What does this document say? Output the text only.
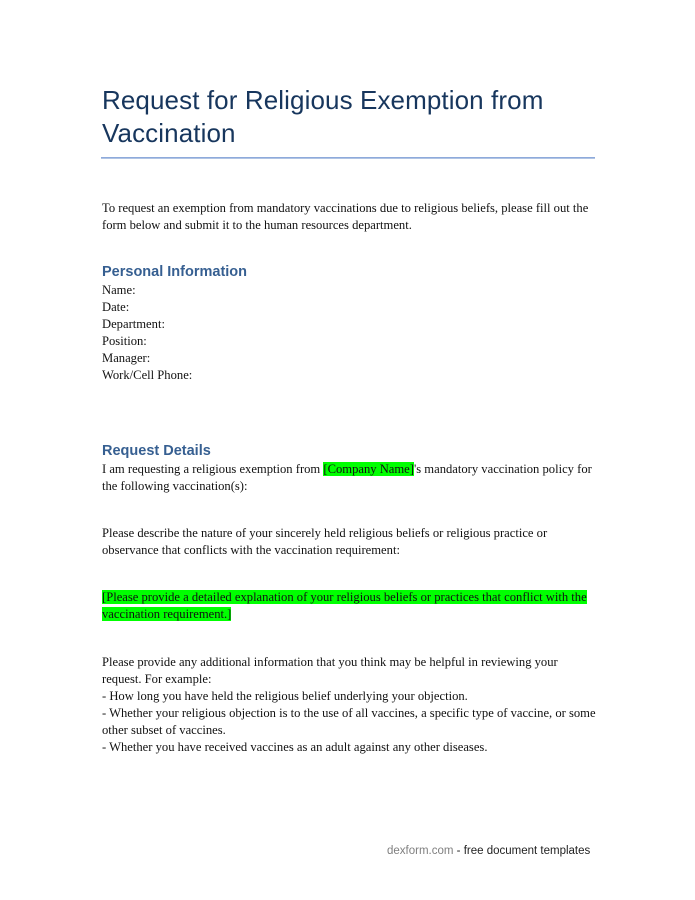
Request for Religious Exemption from Vaccination

To request an exemption from mandatory vaccinations due to religious beliefs, please fill out the form below and submit it to the human resources department.

Personal Information
Name:
Date:
Department:
Position:
Manager:
Work/Cell Phone:
Request Details

I am requesting a religious exemption from [Company Name]'s mandatory vaccination policy for the following vaccination(s):

Please describe the nature of your sincerely held religious beliefs or religious practice or observance that conflicts with the vaccination requirement:

[Please provide a detailed explanation of your religious beliefs or practices that conflict with the vaccination requirement.]

Please provide any additional information that you think may be helpful in reviewing your request. For example:

- How long you have held the religious belief underlying your objection.
- Whether your religious objection is to the use of all vaccines, a specific type of vaccine, or some other subset of vaccines.
- Whether you have received vaccines as an adult against any other diseases.
dexform.com - free document templates
